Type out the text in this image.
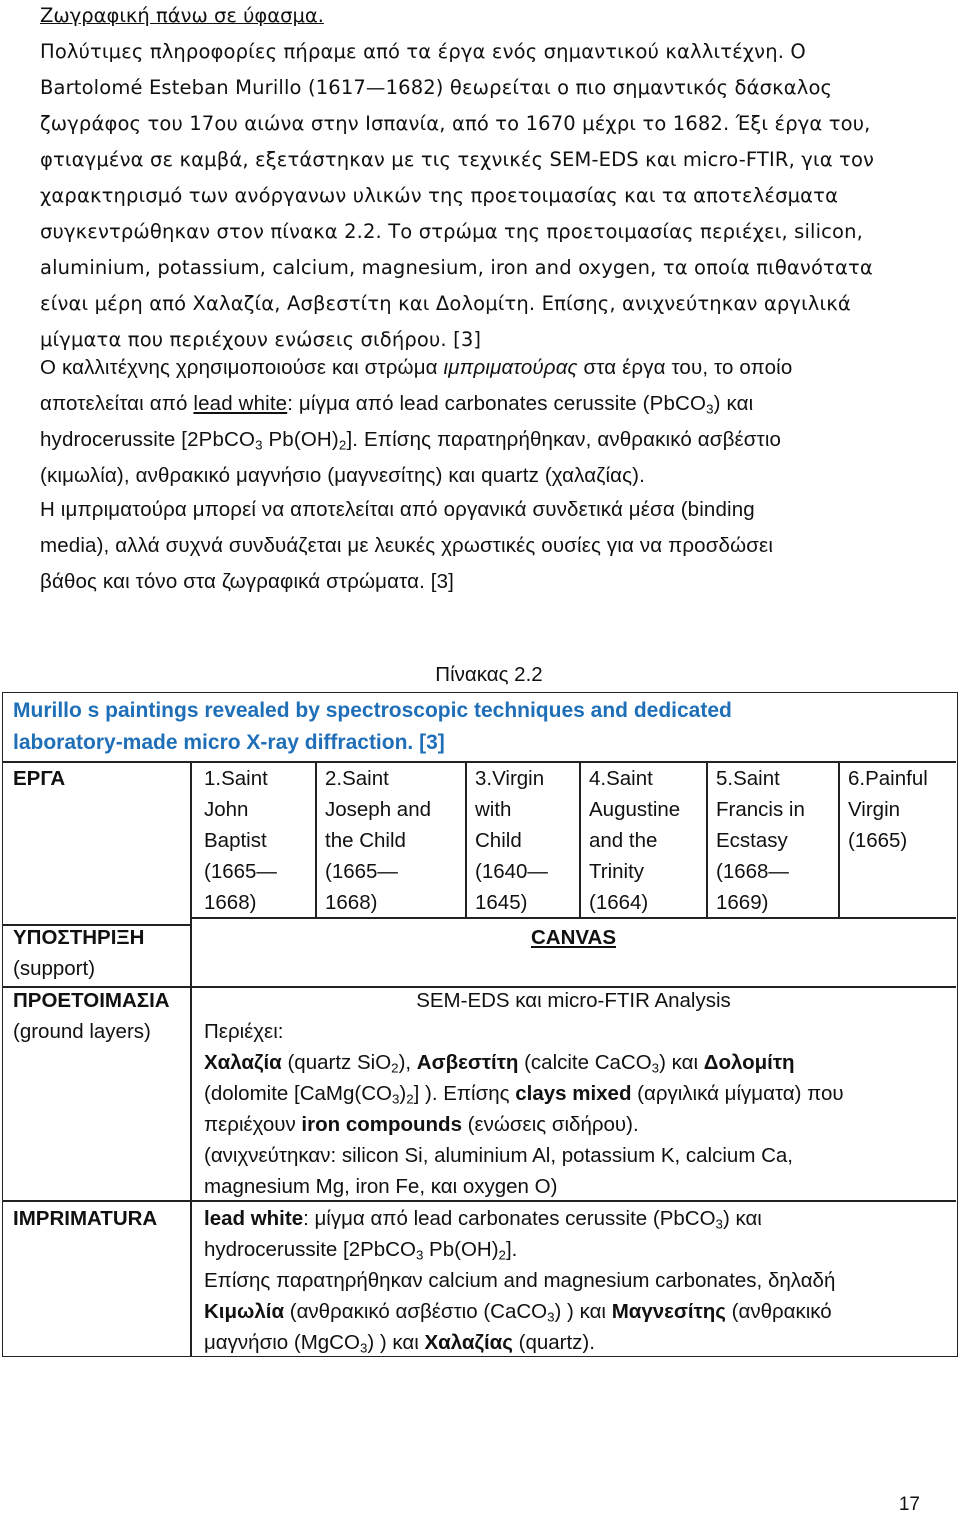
Ζωγραφική πάνω σε ύφασμα.
Πολύτιμες πληροφορίες πήραμε από τα έργα ενός σημαντικού καλλιτέχνη. Ο
Bartolomé Esteban Murillo (1617—1682) θεωρείται ο πιο σημαντικός δάσκαλος
ζωγράφος του 17ου αιώνα στην Ισπανία, από το 1670 μέχρι το 1682. Έξι έργα του,
φτιαγμένα σε καμβά, εξετάστηκαν με τις τεχνικές SEM-EDS και micro-FTIR, για τον
χαρακτηρισμό των ανόργανων υλικών της προετοιμασίας και τα αποτελέσματα
συγκεντρώθηκαν στον πίνακα 2.2. Το στρώμα της προετοιμασίας περιέχει, silicon,
aluminium, potassium, calcium, magnesium, iron and oxygen, τα οποία πιθανότατα
είναι μέρη από Χαλαζία, Ασβεστίτη και Δολομίτη. Επίσης, ανιχνεύτηκαν αργιλικά
μίγματα που περιέχουν ενώσεις σιδήρου. [3]
Ο καλλιτέχνης χρησιμοποιούσε και στρώμα ιμπριματούρας στα έργα του, το οποίο
αποτελείται από lead white: μίγμα από lead carbonates cerussite (PbCO$_3$) και
hydrocerussite [2PbCO$_3$ $Pb(OH)_2$]. Επίσης παρατηρήθηκαν, ανθρακικό ασβέστιο
(κιμωλία), ανθρακικό μαγνήσιο (μαγνεσίτης) και quartz (χαλαζίας).
Η ιμπριματούρα μπορεί να αποτελείται από οργανικά συνδετικά μέσα (binding
media), αλλά συχνά συνδυάζεται με λευκές χρωστικές ουσίες για να προσδώσει
βάθος και τόνο στα ζωγραφικά στρώματα. [3]
Πίνακας 2.2
Murillo s paintings revealed by spectroscopic techniques and dedicated
laboratory-made micro X-ray diffraction. [3]
ΕΡΓΑ	1.Saint
John
Baptist
(1665—
1668)
2.Saint
Joseph and
the Child
(1665—
1668)
3.Virgin
with
Child
(1640—
1645)
4.Saint
Augustine
and the
Trinity
(1664)
5.Saint
Francis in
Ecstasy
(1668—
1669)
6.Painful
Virgin
(1665)
ΥΠΟΣΤΗΡΙΞΗ
(support)
CANVAS
ΠΡΟΕΤΟΙΜΑΣΙΑ
(ground layers)
SEM-EDS και micro-FTIR Analysis
Περιέχει:
Χαλαζία (quartz SiO$_2$), Ασβεστίτη (calcite CaCO$_3$) και Δολομίτη
(dolomite $[CaMg(CO_3)_2]$ ). Επίσης clays mixed (αργιλικά μίγματα) που
περιέχουν iron compounds (ενώσεις σιδήρου).
(ανιχνεύτηκαν: silicon Si, aluminium Al, potassium K, calcium Ca,
magnesium Mg, iron Fe, και oxygen O)
IMPRIMATURA lead white: μίγμα από lead carbonates cerussite (PbCO$_3$) και
hydrocerussite [2PbCO$_3$ $Pb(OH)_2$].
Επίσης παρατηρήθηκαν calcium and magnesium carbonates, δηλαδή
Κιμωλία (ανθρακικό ασβέστιο (CaCO$_3$) ) και Μαγνεσίτης (ανθρακικό
μαγνήσιο (MgCO$_3$) ) και Χαλαζίας (quartz).
17
